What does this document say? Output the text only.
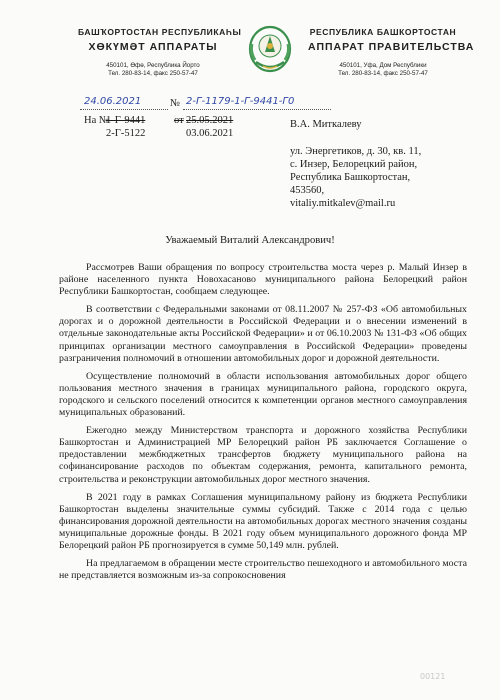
БАШҠОРТОСТАН РЕСПУБЛИКАҺЫ
ХӨКҮМӘТ АППАРАТЫ
450101, Өфө, Республика Йорто
Тел. 280-83-14, факс 250-57-47
РЕСПУБЛИКА БАШКОРТОСТАН
АППАРАТ ПРАВИТЕЛЬСТВА
450101, Уфа, Дом Республики
Тел. 280-83-14, факс 250-57-47
24.06.2021	№ 2-Г-1179-1-Г-9441-Г0
На №
1-Г-9441	от 25.05.2021
2-Г-5122	03.06.2021
В.А. Миткалеву
ул. Энергетиков, д. 30, кв. 11,
с. Инзер, Белорецкий район,
Республика Башкортостан,
453560,
vitaliy.mitkalev@mail.ru
Уважаемый Виталий Александрович!

Рассмотрев Ваши обращения по вопросу строительства моста через р. Малый Инзер в районе населенного пункта Новохасаново муниципального района Белорецкий район Республики Башкортостан, сообщаем следующее.

В соответствии с Федеральными законами от 08.11.2007 № 257-ФЗ «Об автомобильных дорогах и о дорожной деятельности в Российской Федерации и о внесении изменений в отдельные законодательные акты Российской Федерации» и от 06.10.2003 № 131-ФЗ «Об общих принципах организации местного самоуправления в Российской Федерации» проведены разграничения полномочий в отношении автомобильных дорог и дорожной деятельности.

Осуществление полномочий в области использования автомобильных дорог общего пользования местного значения в границах муниципального района, городского округа, городского и сельского поселений относится к компетенции органов местного самоуправления муниципальных образований.

Ежегодно между Министерством транспорта и дорожного хозяйства Республики Башкортостан и Администрацией МР Белорецкий район РБ заключается Соглашение о предоставлении межбюджетных трансфертов бюджету муниципального района на софинансирование расходов по объектам содержания, ремонта, капитального ремонта, строительства и реконструкции автомобильных дорог местного значения.

В 2021 году в рамках Соглашения муниципальному району из бюджета Республики Башкортостан выделены значительные суммы субсидий. Также с 2014 года с целью финансирования дорожной деятельности на автомобильных дорогах местного значения созданы муниципальные дорожные фонды. В 2021 году объем муниципального дорожного фонда МР Белорецкий район РБ прогнозируется в сумме 50,149 млн. рублей.

На предлагаемом в обращении месте строительство пешеходного и автомобильного моста не представляется возможным из-за сопрокосновения

00121
